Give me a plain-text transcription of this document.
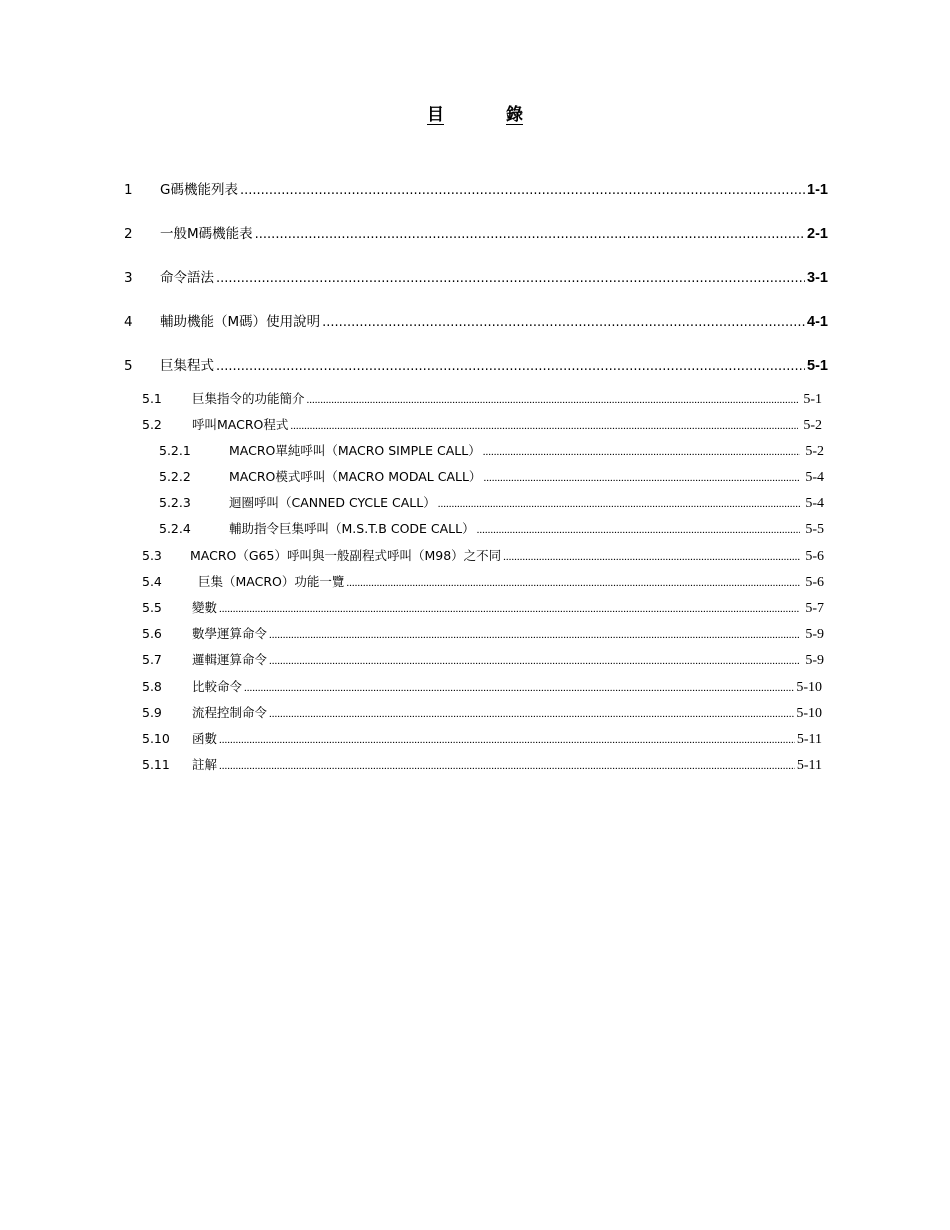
目	錄
1	G碼機能列表 .....	1-1
2	一般M碼機能表 .....	2-1
3	命令語法 .....	3-1
4	輔助機能（M碼）使用說明 .....	4-1
5	巨集程式 .....	5-1
5.1	巨集指令的功能簡介 .....	5-1
5.2	呼叫MACRO程式 .....	5-2
5.2.1	MACRO單純呼叫（MACRO SIMPLE CALL） .....	5-2
5.2.2	MACRO模式呼叫（MACRO MODAL CALL） .....	5-4
5.2.3	迴圈呼叫（CANNED CYCLE CALL） .....	5-4
5.2.4	輔助指令巨集呼叫（M.S.T.B CODE CALL） .....	5-5
5.3	MACRO（G65）呼叫與一般副程式呼叫（M98）之不同 .....	5-6
5.4	巨集（MACRO）功能一覽 .....	5-6
5.5	變數 .....	5-7
5.6	數學運算命令 .....	5-9
5.7	邏輯運算命令 .....	5-9
5.8	比較命令 .....	5-10
5.9	流程控制命令 .....	5-10
5.10	函數 .....	5-11
5.11	註解 .....	5-11
